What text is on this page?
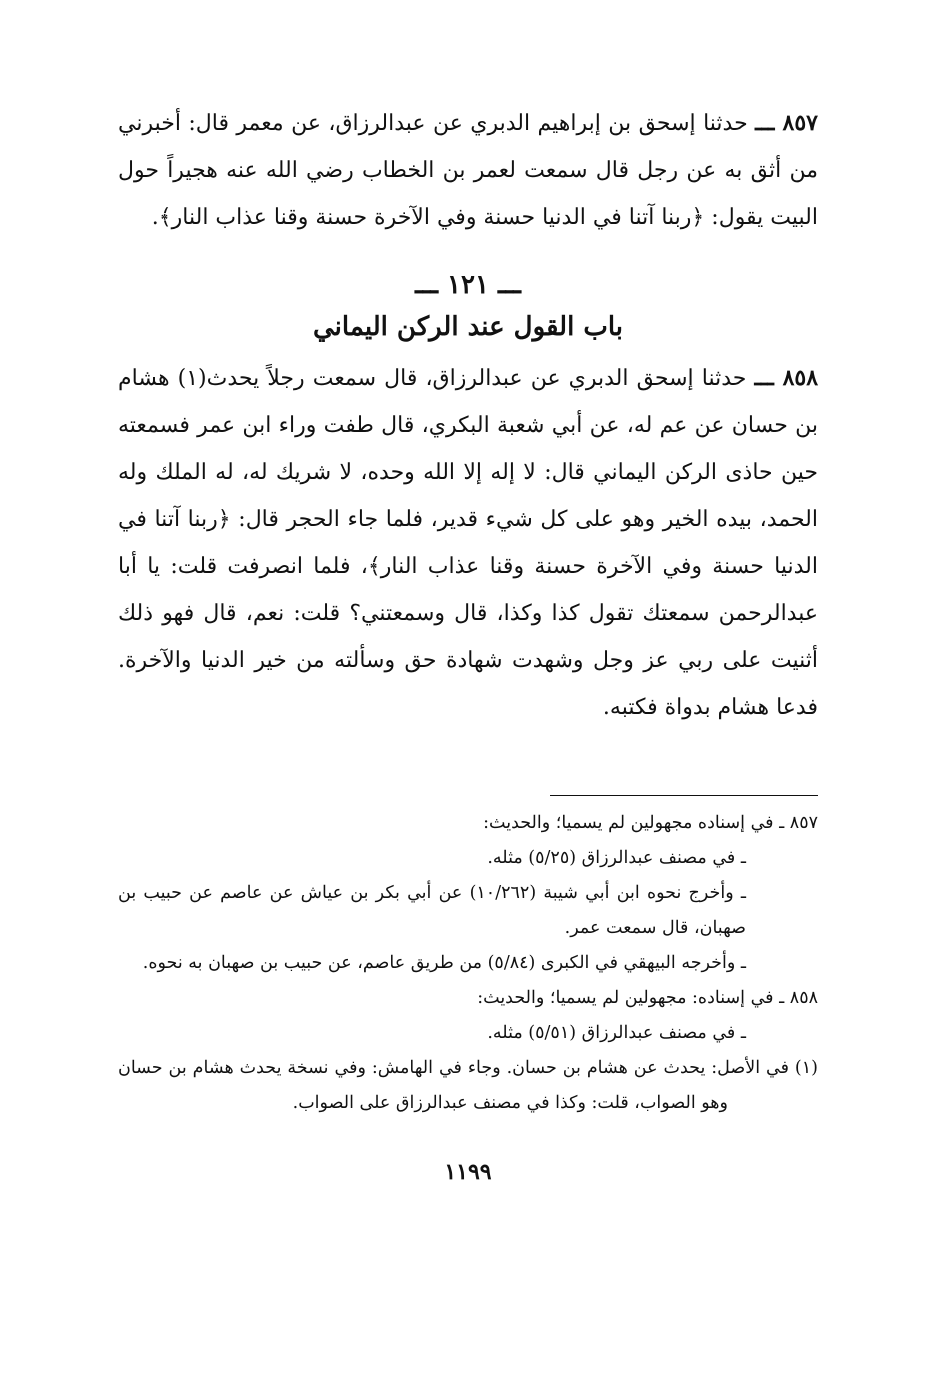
٨٥٧ ـــ حدثنا إسحق بن إبراهيم الدبري عن عبدالرزاق، عن معمر قال: أخبرني من أثق به عن رجل قال سمعت لعمر بن الخطاب رضي الله عنه هجيراً حول البيت يقول: ﴿ربنا آتنا في الدنيا حسنة وفي الآخرة حسنة وقنا عذاب النار﴾.

ـــ ١٢١ ـــ
باب القول عند الركن اليماني

٨٥٨ ـــ حدثنا إسحق الدبري عن عبدالرزاق، قال سمعت رجلاً يحدث(١) هشام بن حسان عن عم له، عن أبي شعبة البكري، قال طفت وراء ابن عمر فسمعته حين حاذى الركن اليماني قال: لا إله إلا الله وحده، لا شريك له، له الملك وله الحمد، بيده الخير وهو على كل شيء قدير، فلما جاء الحجر قال: ﴿ربنا آتنا في الدنيا حسنة وفي الآخرة حسنة وقنا عذاب النار﴾، فلما انصرفت قلت: يا أبا عبدالرحمن سمعتك تقول كذا وكذا، قال وسمعتني؟ قلت: نعم، قال فهو ذلك أثنيت على ربي عز وجل وشهدت شهادة حق وسألته من خير الدنيا والآخرة. فدعا هشام بدواة فكتبه.

٨٥٧ ـ في إسناده مجهولين لم يسميا؛ والحديث:

ـ في مصنف عبدالرزاق (٥/٢٥) مثله.

ـ وأخرج نحوه ابن أبي شيبة (١٠/٢٦٢) عن أبي بكر بن عياش عن عاصم عن حبيب بن صهبان، قال سمعت عمر.

ـ وأخرجه البيهقي في الكبرى (٥/٨٤) من طريق عاصم، عن حبيب بن صهبان به نحوه.

٨٥٨ ـ في إسناده: مجهولين لم يسميا؛ والحديث:

ـ في مصنف عبدالرزاق (٥/٥١) مثله.

(١) في الأصل: يحدث عن هشام بن حسان. وجاء في الهامش: وفي نسخة يحدث هشام بن حسان وهو الصواب، قلت: وكذا في مصنف عبدالرزاق على الصواب.

١١٩٩
